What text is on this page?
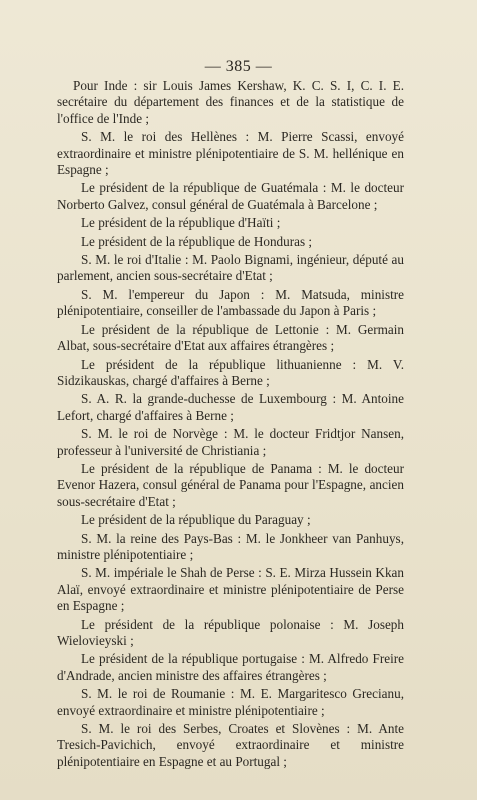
— 385 —

Pour Inde : sir Louis James Kershaw, K. C. S. I, C. I. E. secrétaire du département des finances et de la statistique de l'office de l'Inde ;

S. M. le roi des Hellènes : M. Pierre Scassi, envoyé extraordinaire et ministre plénipotentiaire de S. M. hellénique en Espagne ;

Le président de la république de Guatémala : M. le docteur Norberto Galvez, consul général de Guatémala à Barcelone ;

Le président de la république d'Haïti ;

Le président de la république de Honduras ;

S. M. le roi d'Italie : M. Paolo Bignami, ingénieur, député au parlement, ancien sous-secrétaire d'Etat ;

S. M. l'empereur du Japon : M. Matsuda, ministre plénipotentiaire, conseiller de l'ambassade du Japon à Paris ;

Le président de la république de Lettonie : M. Germain Albat, sous-secrétaire d'Etat aux affaires étrangères ;

Le président de la république lithuanienne : M. V. Sidzikauskas, chargé d'affaires à Berne ;

S. A. R. la grande-duchesse de Luxembourg : M. Antoine Lefort, chargé d'affaires à Berne ;

S. M. le roi de Norvège : M. le docteur Fridtjor Nansen, professeur à l'université de Christiania ;

Le président de la république de Panama : M. le docteur Evenor Hazera, consul général de Panama pour l'Espagne, ancien sous-secrétaire d'Etat ;

Le président de la république du Paraguay ;

S. M. la reine des Pays-Bas : M. le Jonkheer van Panhuys, ministre plénipotentiaire ;

S. M. impériale le Shah de Perse : S. E. Mirza Hussein Kkan Alaï, envoyé extraordinaire et ministre plénipotentiaire de Perse en Espagne ;

Le président de la république polonaise : M. Joseph Wielovieyski ;

Le président de la république portugaise : M. Alfredo Freire d'Andrade, ancien ministre des affaires étrangères ;

S. M. le roi de Roumanie : M. E. Margaritesco Grecianu, envoyé extraordinaire et ministre plénipotentiaire ;

S. M. le roi des Serbes, Croates et Slovènes : M. Ante Tresich-Pavichich, envoyé extraordinaire et ministre plénipotentiaire en Espagne et au Portugal ;
